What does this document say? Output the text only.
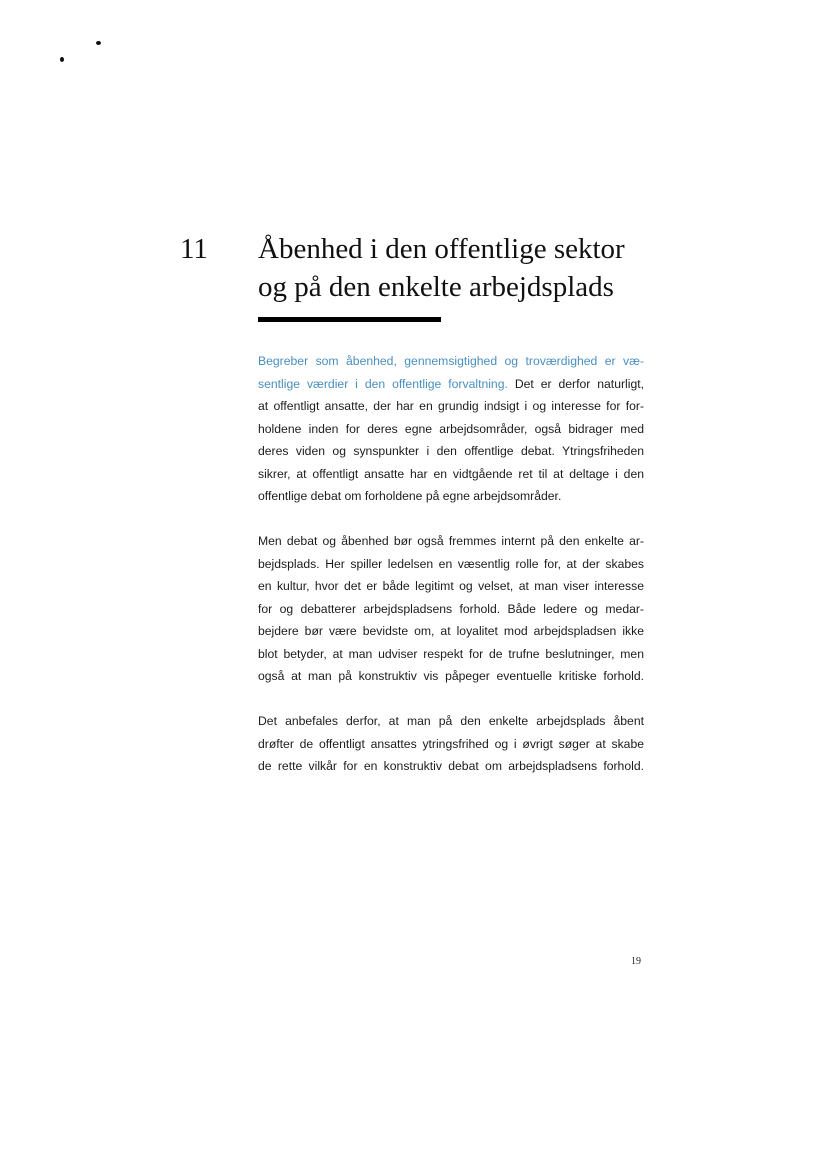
11 Åbenhed i den offentlige sektor
og på den enkelte arbejdsplads

Begreber som åbenhed, gennemsigtighed og troværdighed er væ-
sentlige værdier i den offentlige forvaltning. Det er derfor naturligt,
at offentligt ansatte, der har en grundig indsigt i og interesse for for-
holdene inden for deres egne arbejdsområder, også bidrager med
deres viden og synspunkter i den offentlige debat. Ytringsfriheden
sikrer, at offentligt ansatte har en vidtgående ret til at deltage i den
offentlige debat om forholdene på egne arbejdsområder.

Men debat og åbenhed bør også fremmes internt på den enkelte ar-
bejdsplads. Her spiller ledelsen en væsentlig rolle for, at der skabes
en kultur, hvor det er både legitimt og velset, at man viser interesse
for og debatterer arbejdspladsens forhold. Både ledere og medar-
bejdere bør være bevidste om, at loyalitet mod arbejdspladsen ikke
blot betyder, at man udviser respekt for de trufne beslutninger, men
også at man på konstruktiv vis påpeger eventuelle kritiske forhold.

Det anbefales derfor, at man på den enkelte arbejdsplads åbent
drøfter de offentligt ansattes ytringsfrihed og i øvrigt søger at skabe
de rette vilkår for en konstruktiv debat om arbejdspladsens forhold.

19
